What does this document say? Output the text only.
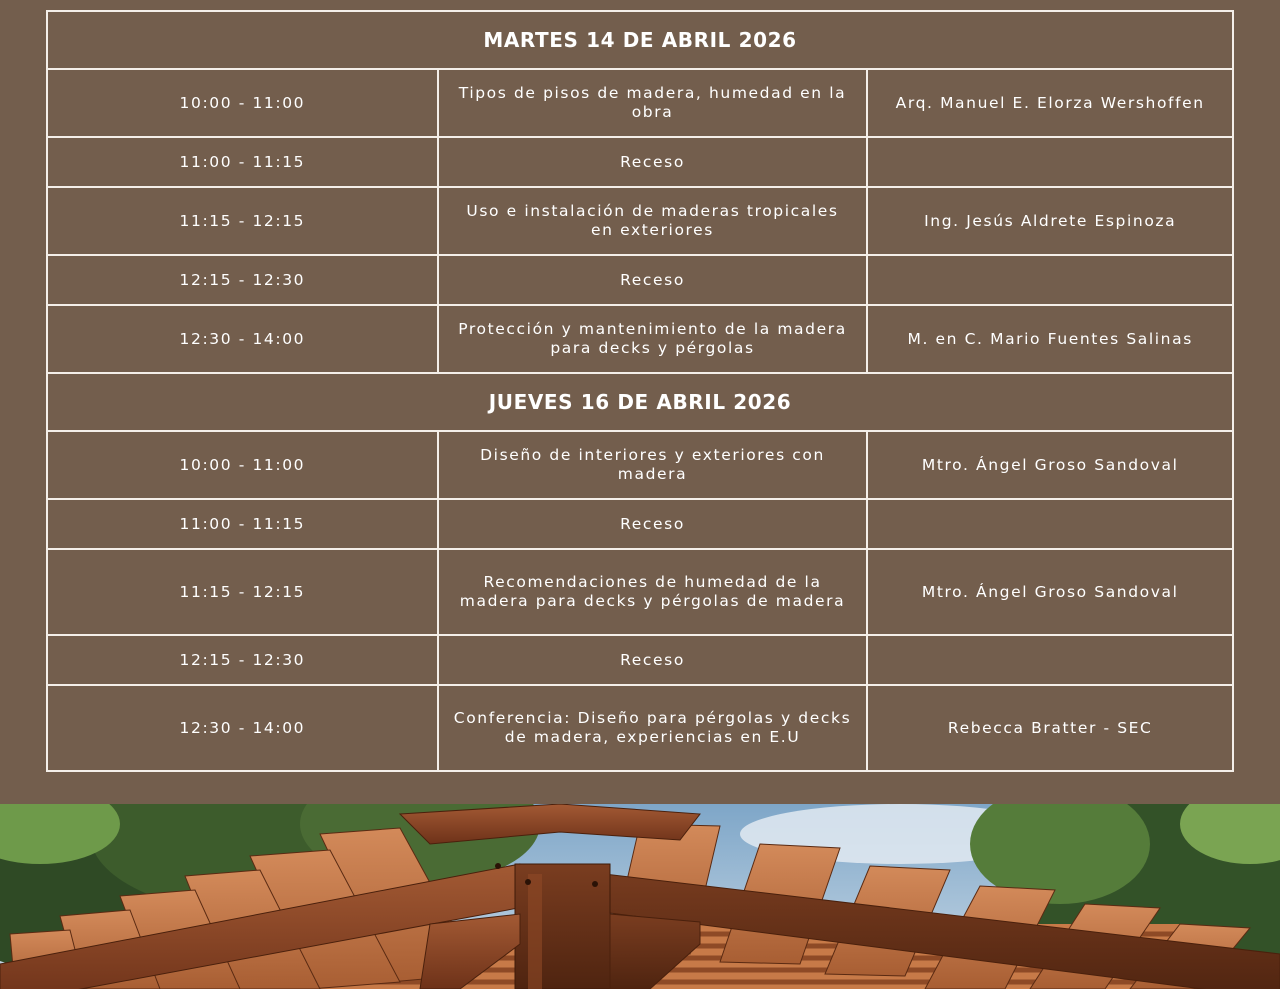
MARTES 14 DE ABRIL 2026		
10:00 - 11:00	Tipos de pisos de madera, humedad en la obra	Arq. Manuel E. Elorza Wershoffen
11:00 - 11:15	Receso	
11:15 - 12:15	Uso e instalación de maderas tropicales en exteriores	Ing. Jesús Aldrete Espinoza
12:15 - 12:30	Receso	
12:30 - 14:00	Protección y mantenimiento de la madera para decks y pérgolas	M. en C. Mario Fuentes Salinas
JUEVES 16 DE ABRIL 2026		
10:00 - 11:00	Diseño de interiores y exteriores con madera	Mtro. Ángel Groso Sandoval
11:00 - 11:15	Receso	
11:15 - 12:15	Recomendaciones de humedad de la madera para decks y pérgolas de madera	Mtro. Ángel Groso Sandoval
12:15 - 12:30	Receso	
12:30 - 14:00	Conferencia: Diseño para pérgolas y decks de madera, experiencias en E.U	Rebecca Bratter - SEC
